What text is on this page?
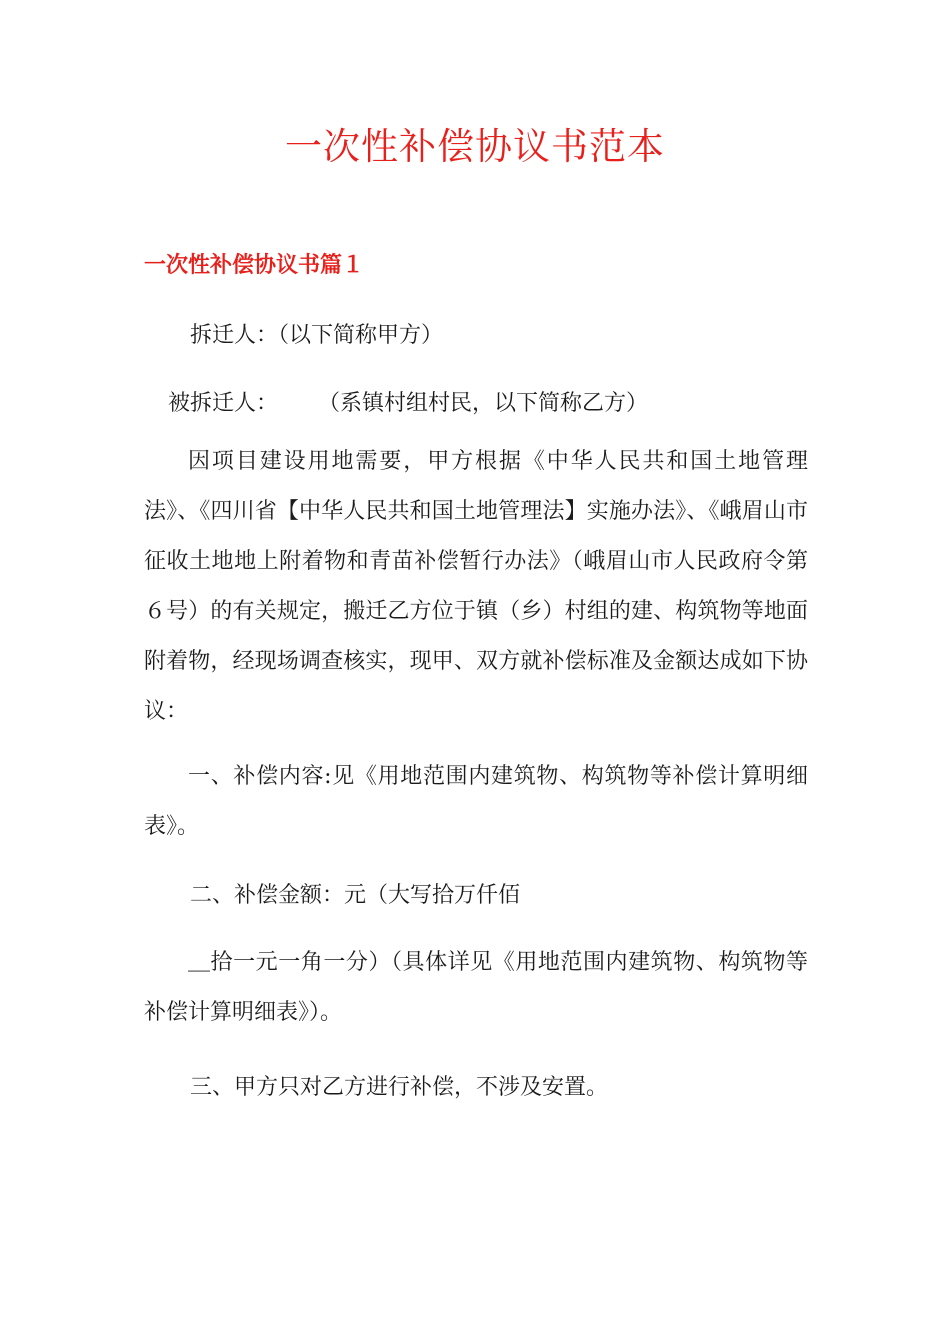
一次性补偿协议书范本
一次性补偿协议书篇１
拆迁人：（以下简称甲方）
被拆迁人： （系镇村组村民，以下简称乙方）
因项目建设用地需要，甲方根据《中华人民共和国土地管理法》、《四川省【中华人民共和国土地管理法】实施办法》、《峨眉山市征收土地地上附着物和青苗补偿暂行办法》（峨眉山市人民政府令第６号）的有关规定，搬迁乙方位于镇（乡）村组的建、构筑物等地面附着物，经现场调查核实，现甲、双方就补偿标准及金额达成如下协议：
一、补偿内容:见《用地范围内建筑物、构筑物等补偿计算明细表》。
二、补偿金额：元（大写拾万仟佰
＿拾一元一角一分）（具体详见《用地范围内建筑物、构筑物等补偿计算明细表》）。
三、甲方只对乙方进行补偿，不涉及安置。
